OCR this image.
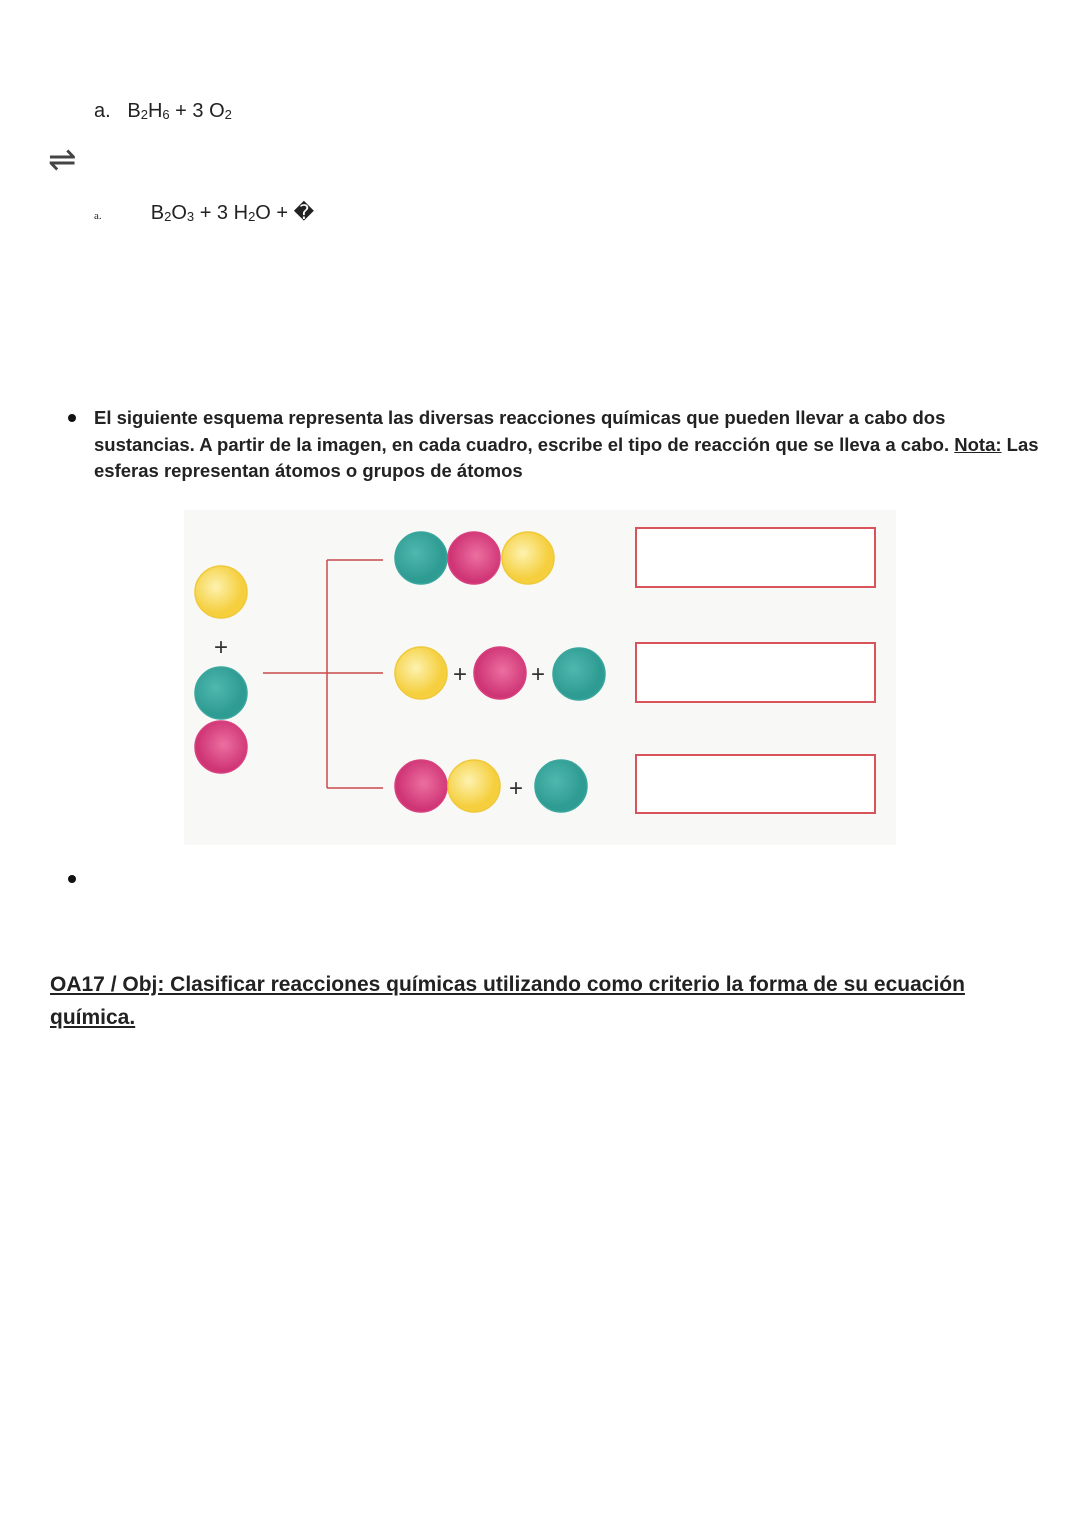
a. $B_2H_6 + 3$ $O_2$
⇌
a. $B_2O_3 + 3$ $H_2O$ + �
El siguiente esquema representa las diversas reacciones químicas que pueden llevar a cabo dos sustancias. A partir de la imagen, en cada cuadro, escribe el tipo de reacción que se lleva a cabo. Nota: Las esferas representan átomos o grupos de átomos
+
+	+
+
OA17 / Obj: Clasificar reacciones químicas utilizando como criterio la forma de su ecuación química.
